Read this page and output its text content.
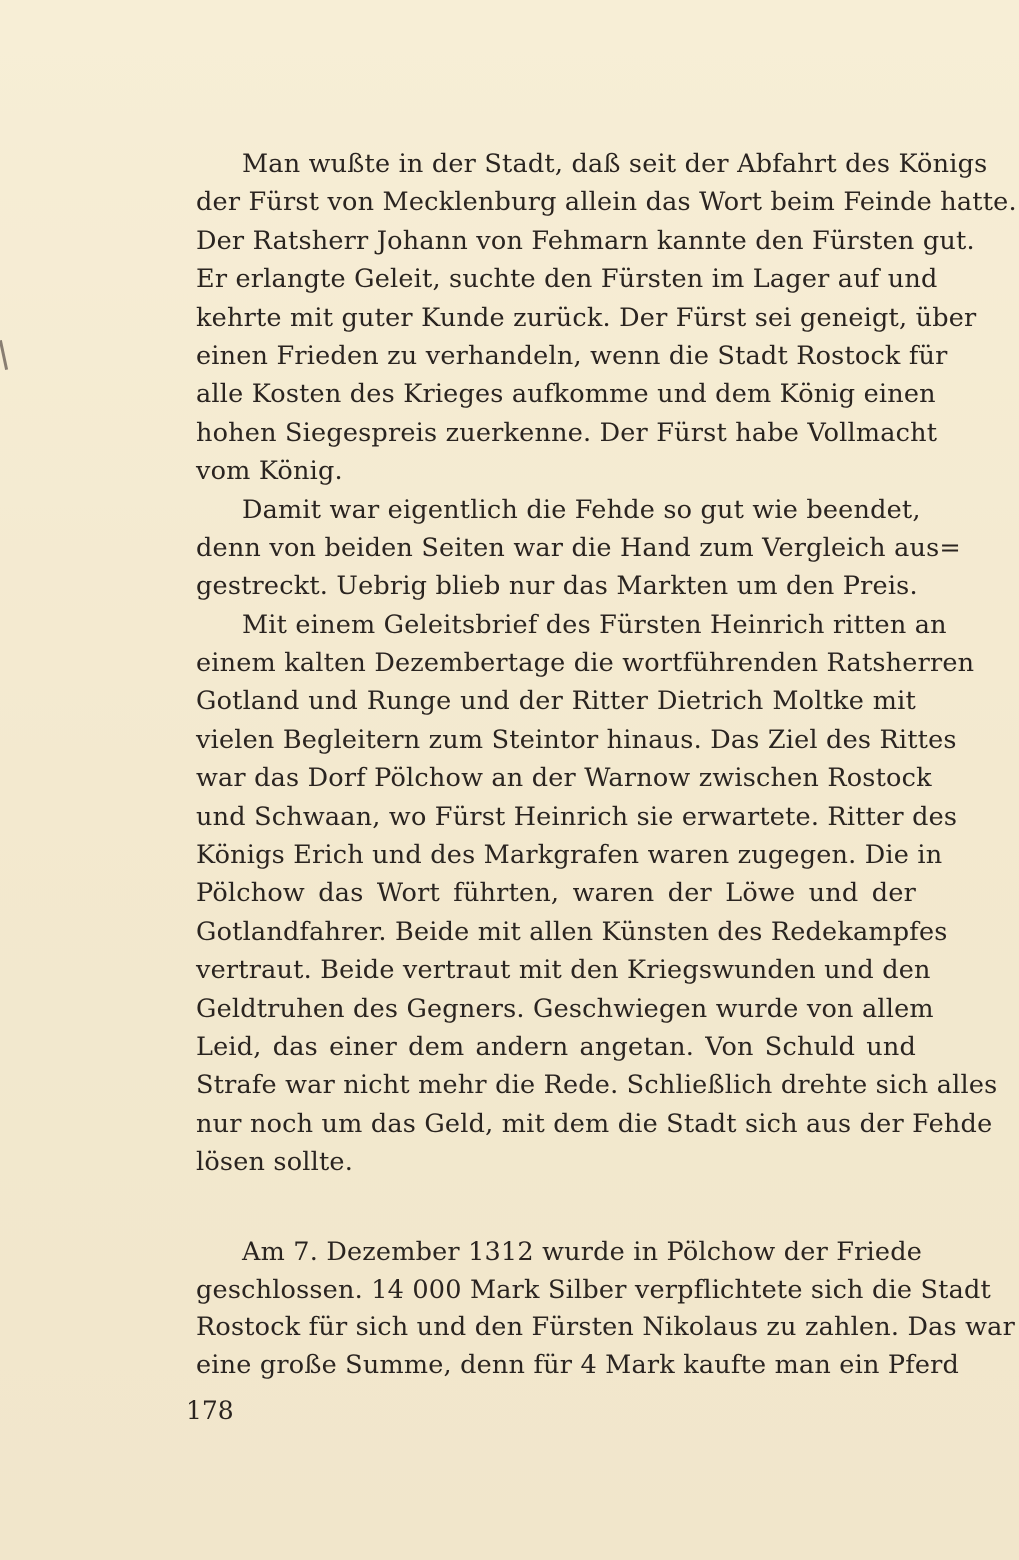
Man wußte in der Stadt, daß seit der Abfahrt des Königs
der Fürst von Mecklenburg allein das Wort beim Feinde hatte.
Der Ratsherr Johann von Fehmarn kannte den Fürsten gut.
Er erlangte Geleit, suchte den Fürsten im Lager auf und
kehrte mit guter Kunde zurück. Der Fürst sei geneigt, über
einen Frieden zu verhandeln, wenn die Stadt Rostock für
alle Kosten des Krieges aufkomme und dem König einen
hohen Siegespreis zuerkenne. Der Fürst habe Vollmacht
vom König.
Damit war eigentlich die Fehde so gut wie beendet,
denn von beiden Seiten war die Hand zum Vergleich aus=
gestreckt. Uebrig blieb nur das Markten um den Preis.
Mit einem Geleitsbrief des Fürsten Heinrich ritten an
einem kalten Dezembertage die wortführenden Ratsherren
Gotland und Runge und der Ritter Dietrich Moltke mit
vielen Begleitern zum Steintor hinaus. Das Ziel des Rittes
war das Dorf Pölchow an der Warnow zwischen Rostock
und Schwaan, wo Fürst Heinrich sie erwartete. Ritter des
Königs Erich und des Markgrafen waren zugegen. Die in
Pölchow das Wort führten, waren der Löwe und der
Gotlandfahrer. Beide mit allen Künsten des Redekampfes
vertraut. Beide vertraut mit den Kriegswunden und den
Geldtruhen des Gegners. Geschwiegen wurde von allem
Leid, das einer dem andern angetan. Von Schuld und
Strafe war nicht mehr die Rede. Schließlich drehte sich alles
nur noch um das Geld, mit dem die Stadt sich aus der Fehde
lösen sollte.
Am 7. Dezember 1312 wurde in Pölchow der Friede
geschlossen. 14 000 Mark Silber verpflichtete sich die Stadt
Rostock für sich und den Fürsten Nikolaus zu zahlen. Das war
eine große Summe, denn für 4 Mark kaufte man ein Pferd
178
